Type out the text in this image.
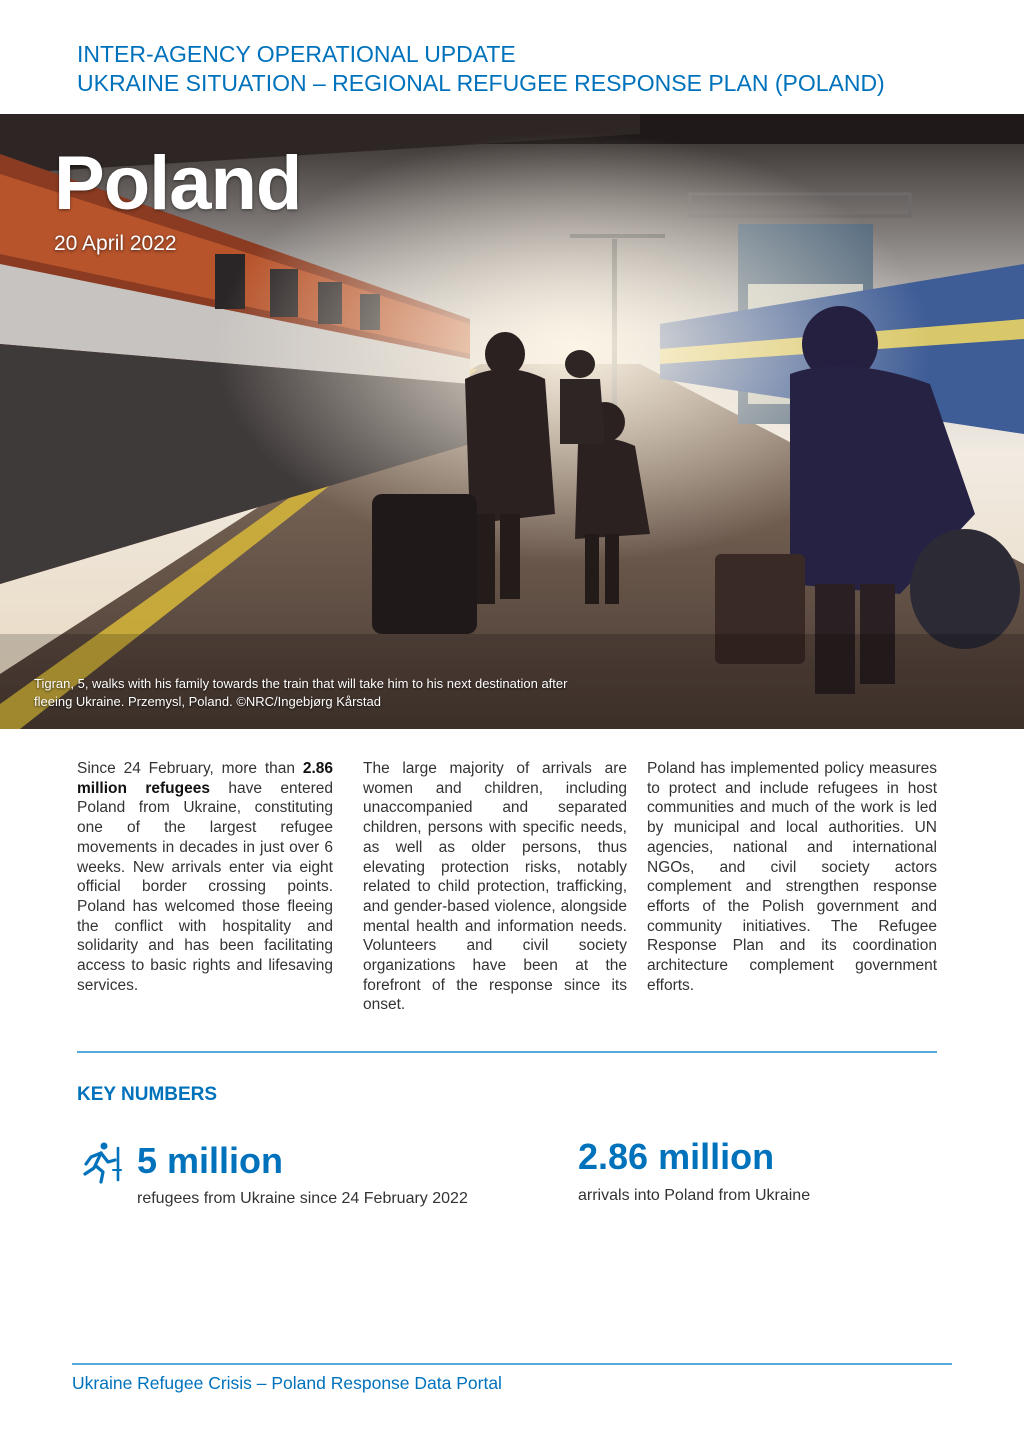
INTER-AGENCY OPERATIONAL UPDATE
UKRAINE SITUATION – REGIONAL REFUGEE RESPONSE PLAN (POLAND)
Poland
20 April 2022
Tigran, 5, walks with his family towards the train that will take him to his next destination after fleeing Ukraine. Przemysl, Poland. ©NRC/Ingebjørg Kårstad
Since 24 February, more than 2.86 million refugees have entered Poland from Ukraine, constituting one of the largest refugee movements in decades in just over 6 weeks. New arrivals enter via eight official border crossing points. Poland has welcomed those fleeing the conflict with hospitality and solidarity and has been facilitating access to basic rights and lifesaving services.
The large majority of arrivals are women and children, including unaccompanied and separated children, persons with specific needs, as well as older persons, thus elevating protection risks, notably related to child protection, trafficking, and gender-based violence, alongside mental health and information needs. Volunteers and civil society organizations have been at the forefront of the response since its onset.
Poland has implemented policy measures to protect and include refugees in host communities and much of the work is led by municipal and local authorities. UN agencies, national and international NGOs, and civil society actors complement and strengthen response efforts of the Polish government and community initiatives. The Refugee Response Plan and its coordination architecture complement government efforts.
KEY NUMBERS
5 million
refugees from Ukraine since 24 February 2022
2.86 million
arrivals into Poland from Ukraine
Ukraine Refugee Crisis – Poland Response Data Portal
